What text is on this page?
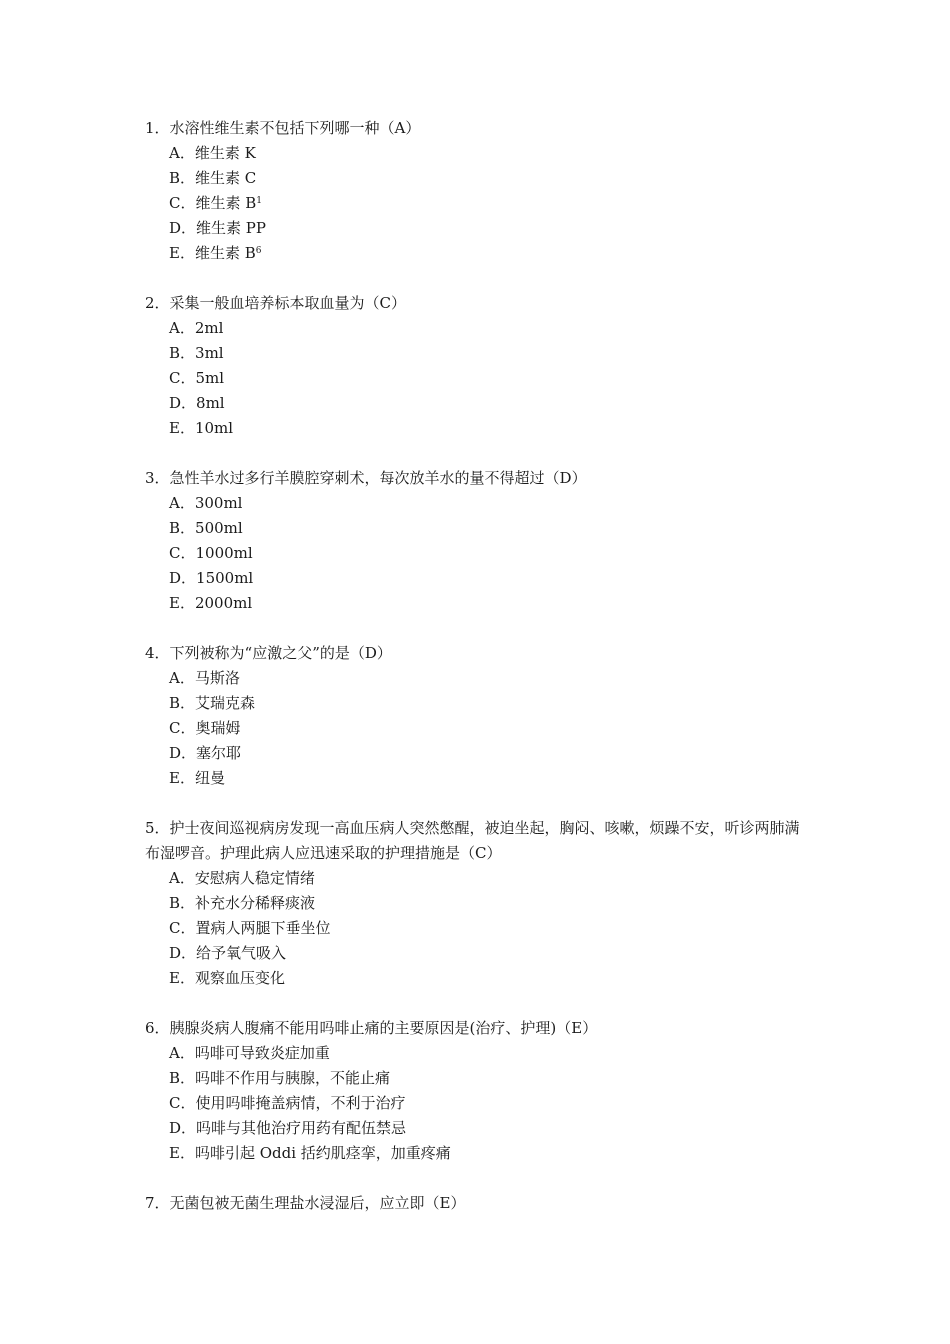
1．水溶性维生素不包括下列哪一种（A）

A．维生素 K
B．维生素 C
C．维生素 $B^1$
D．维生素 PP
E．维生素 $B^6$

2．采集一般血培养标本取血量为（C）

A．2ml
B．3ml
C．5ml
D．8ml
E．10ml

3．急性羊水过多行羊膜腔穿刺术，每次放羊水的量不得超过（D）

A．300ml
B．500ml
C．1000ml
D．1500ml
E．2000ml

4．下列被称为“应激之父”的是（D）

A．马斯洛
B．艾瑞克森
C．奥瑞姆
D．塞尔耶
E．纽曼

5．护士夜间巡视病房发现一高血压病人突然憋醒，被迫坐起，胸闷、咳嗽，烦躁不安，听诊两肺满布湿啰音。护理此病人应迅速采取的护理措施是（C）

A．安慰病人稳定情绪
B．补充水分稀释痰液
C．置病人两腿下垂坐位
D．给予氧气吸入
E．观察血压变化

6．胰腺炎病人腹痛不能用吗啡止痛的主要原因是(治疗、护理)（E）

A．吗啡可导致炎症加重
B．吗啡不作用与胰腺，不能止痛
C．使用吗啡掩盖病情，不利于治疗
D．吗啡与其他治疗用药有配伍禁忌
E．吗啡引起 Oddi 括约肌痉挛，加重疼痛

7．无菌包被无菌生理盐水浸湿后，应立即（E）
